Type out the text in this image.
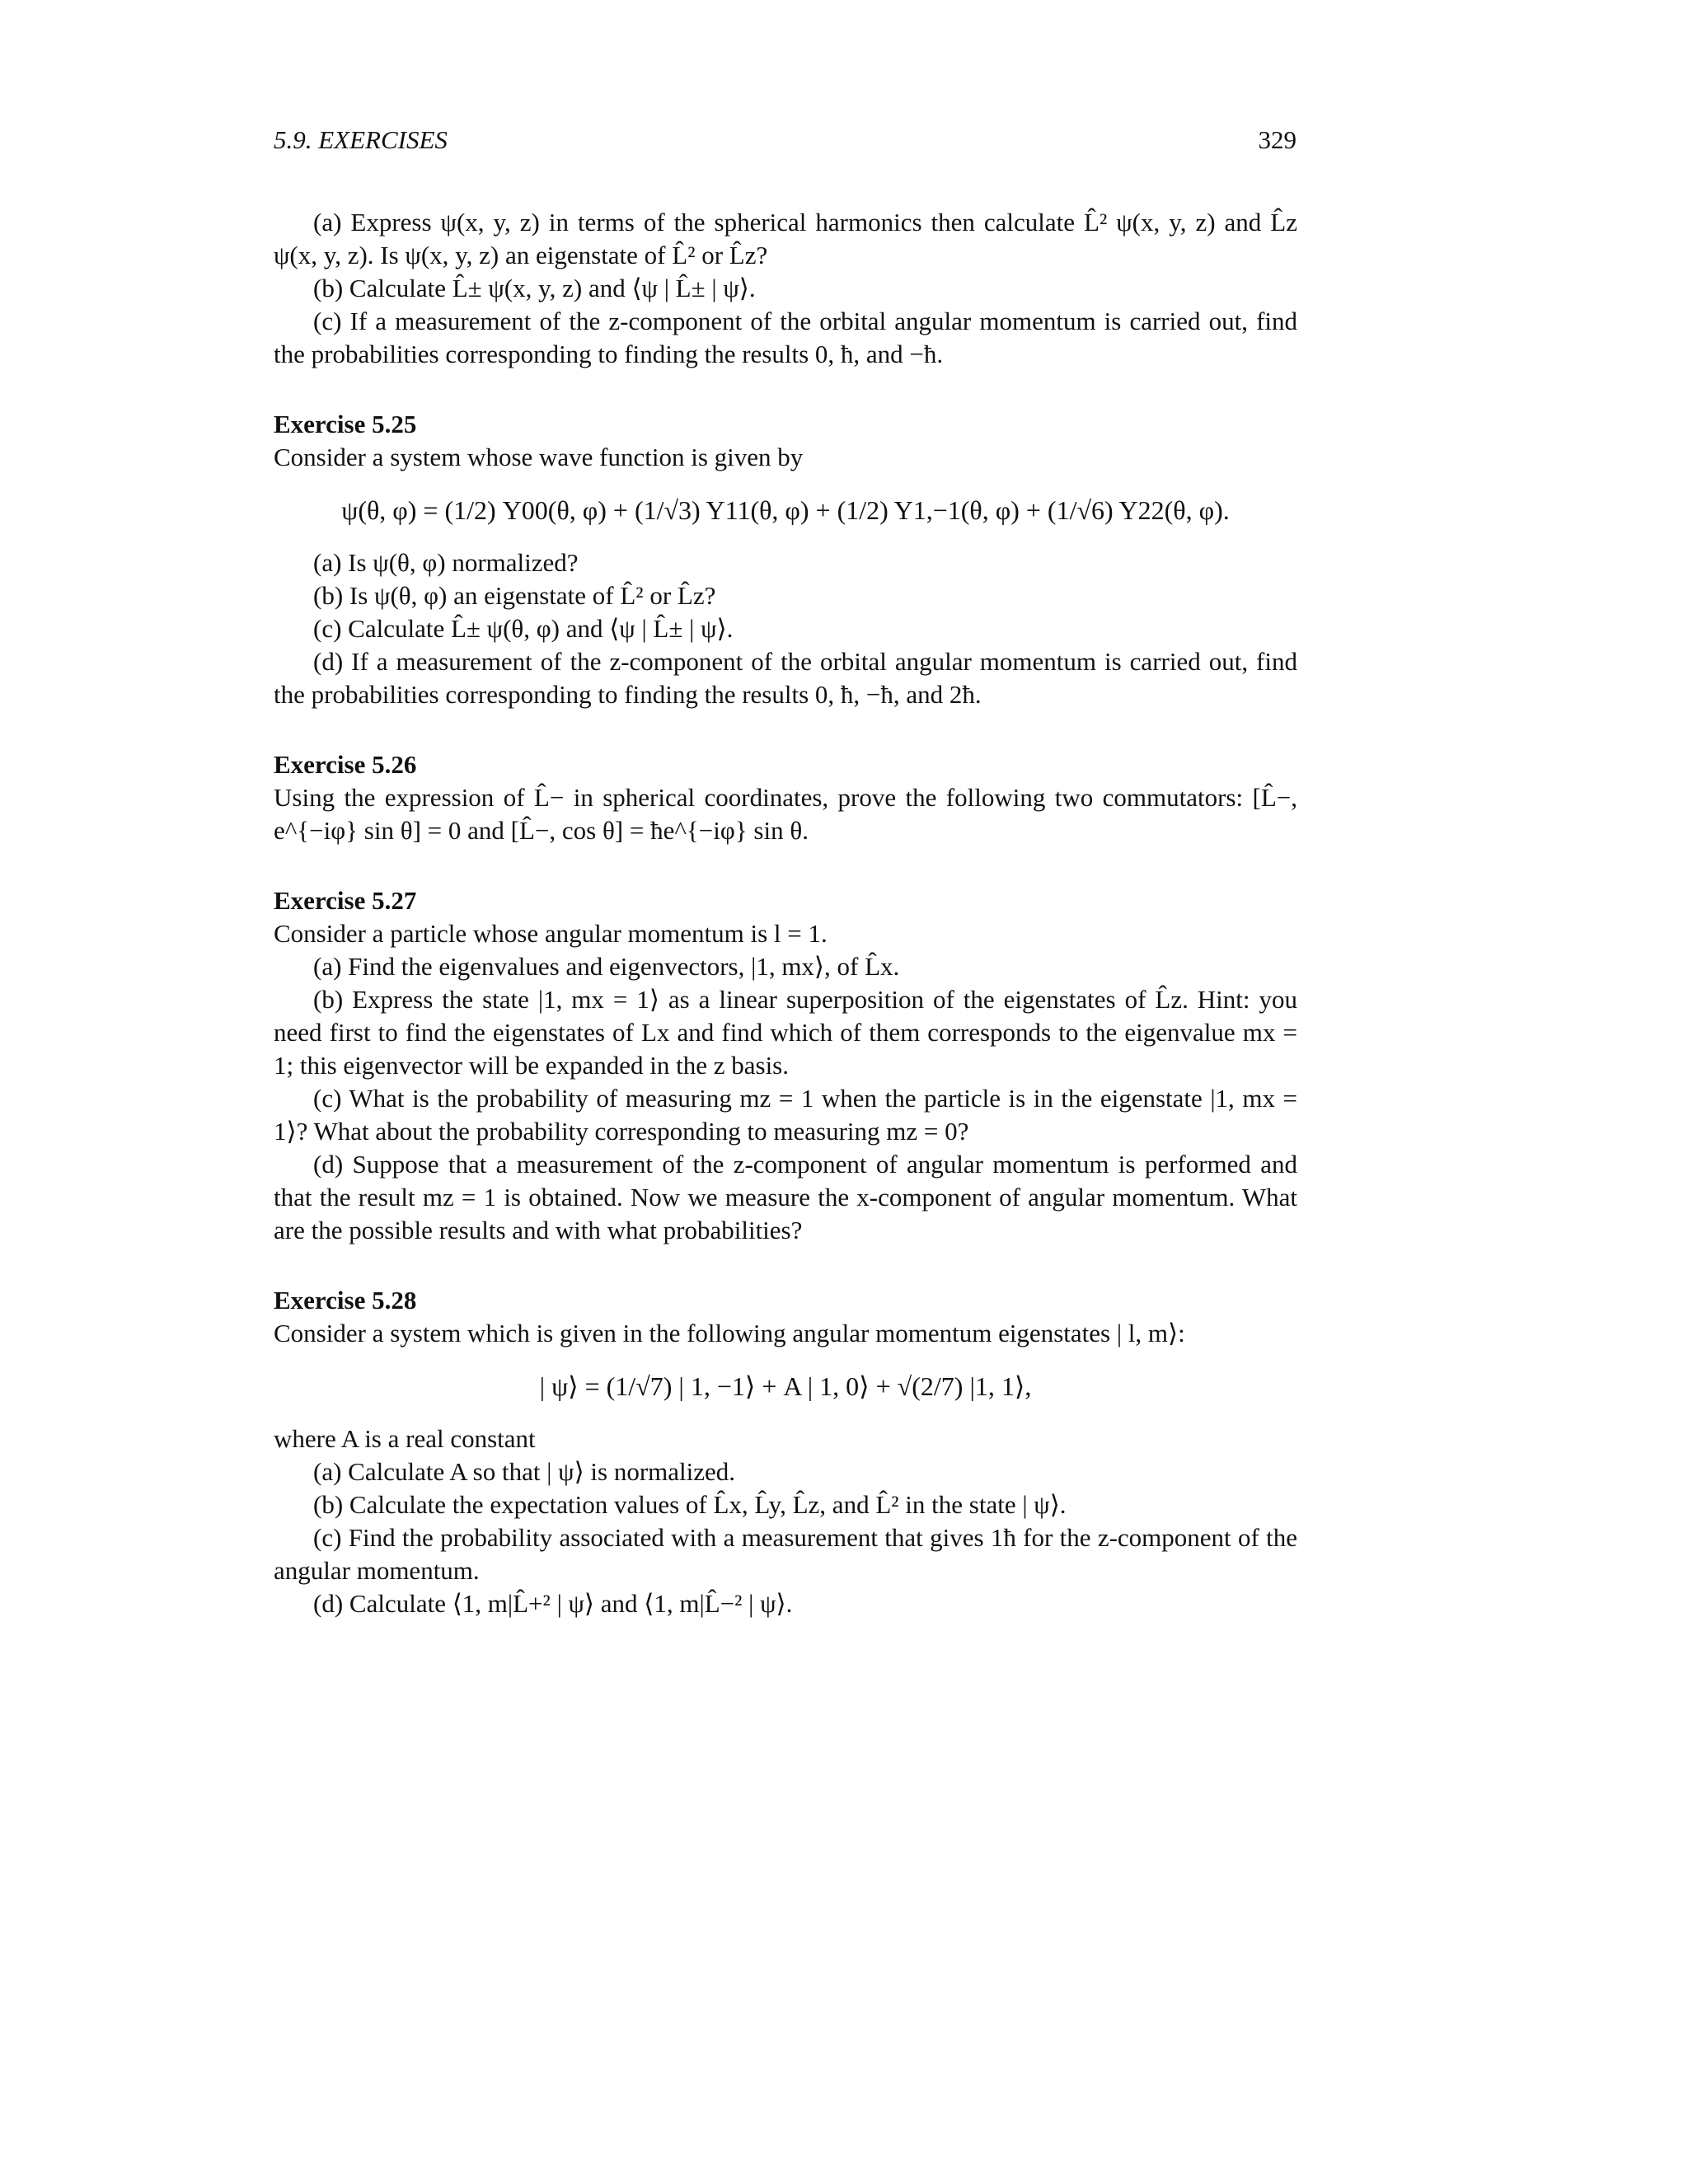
5.9. EXERCISES	329

(a) Express ψ(x, y, z) in terms of the spherical harmonics then calculate L̂² ψ(x, y, z) and L̂z ψ(x, y, z). Is ψ(x, y, z) an eigenstate of L̂² or L̂z?

(b) Calculate L̂± ψ(x, y, z) and ⟨ψ | L̂± | ψ⟩.

(c) If a measurement of the z-component of the orbital angular momentum is carried out, find the probabilities corresponding to finding the results 0, ħ, and −ħ.

Exercise 5.25

Consider a system whose wave function is given by

ψ(θ, φ) = (1/2) Y00(θ, φ) + (1/√3) Y11(θ, φ) + (1/2) Y1,−1(θ, φ) + (1/√6) Y22(θ, φ).

(a) Is ψ(θ, φ) normalized?

(b) Is ψ(θ, φ) an eigenstate of L̂² or L̂z?

(c) Calculate L̂± ψ(θ, φ) and ⟨ψ | L̂± | ψ⟩.

(d) If a measurement of the z-component of the orbital angular momentum is carried out, find the probabilities corresponding to finding the results 0, ħ, −ħ, and 2ħ.

Exercise 5.26

Using the expression of L̂− in spherical coordinates, prove the following two commutators: [L̂−, e^{−iφ} sin θ] = 0 and [L̂−, cos θ] = ħe^{−iφ} sin θ.

Exercise 5.27

Consider a particle whose angular momentum is l = 1.

(a) Find the eigenvalues and eigenvectors, |1, mx⟩, of L̂x.

(b) Express the state |1, mx = 1⟩ as a linear superposition of the eigenstates of L̂z. Hint: you need first to find the eigenstates of Lx and find which of them corresponds to the eigenvalue mx = 1; this eigenvector will be expanded in the z basis.

(c) What is the probability of measuring mz = 1 when the particle is in the eigenstate |1, mx = 1⟩? What about the probability corresponding to measuring mz = 0?

(d) Suppose that a measurement of the z-component of angular momentum is performed and that the result mz = 1 is obtained. Now we measure the x-component of angular momentum. What are the possible results and with what probabilities?

Exercise 5.28

Consider a system which is given in the following angular momentum eigenstates | l, m⟩:

| ψ⟩ = (1/√7) | 1, −1⟩ + A | 1, 0⟩ + √(2/7) |1, 1⟩,

where A is a real constant

(a) Calculate A so that | ψ⟩ is normalized.

(b) Calculate the expectation values of L̂x, L̂y, L̂z, and L̂² in the state | ψ⟩.

(c) Find the probability associated with a measurement that gives 1ħ for the z-component of the angular momentum.

(d) Calculate ⟨1, m|L̂+² | ψ⟩ and ⟨1, m|L̂−² | ψ⟩.
